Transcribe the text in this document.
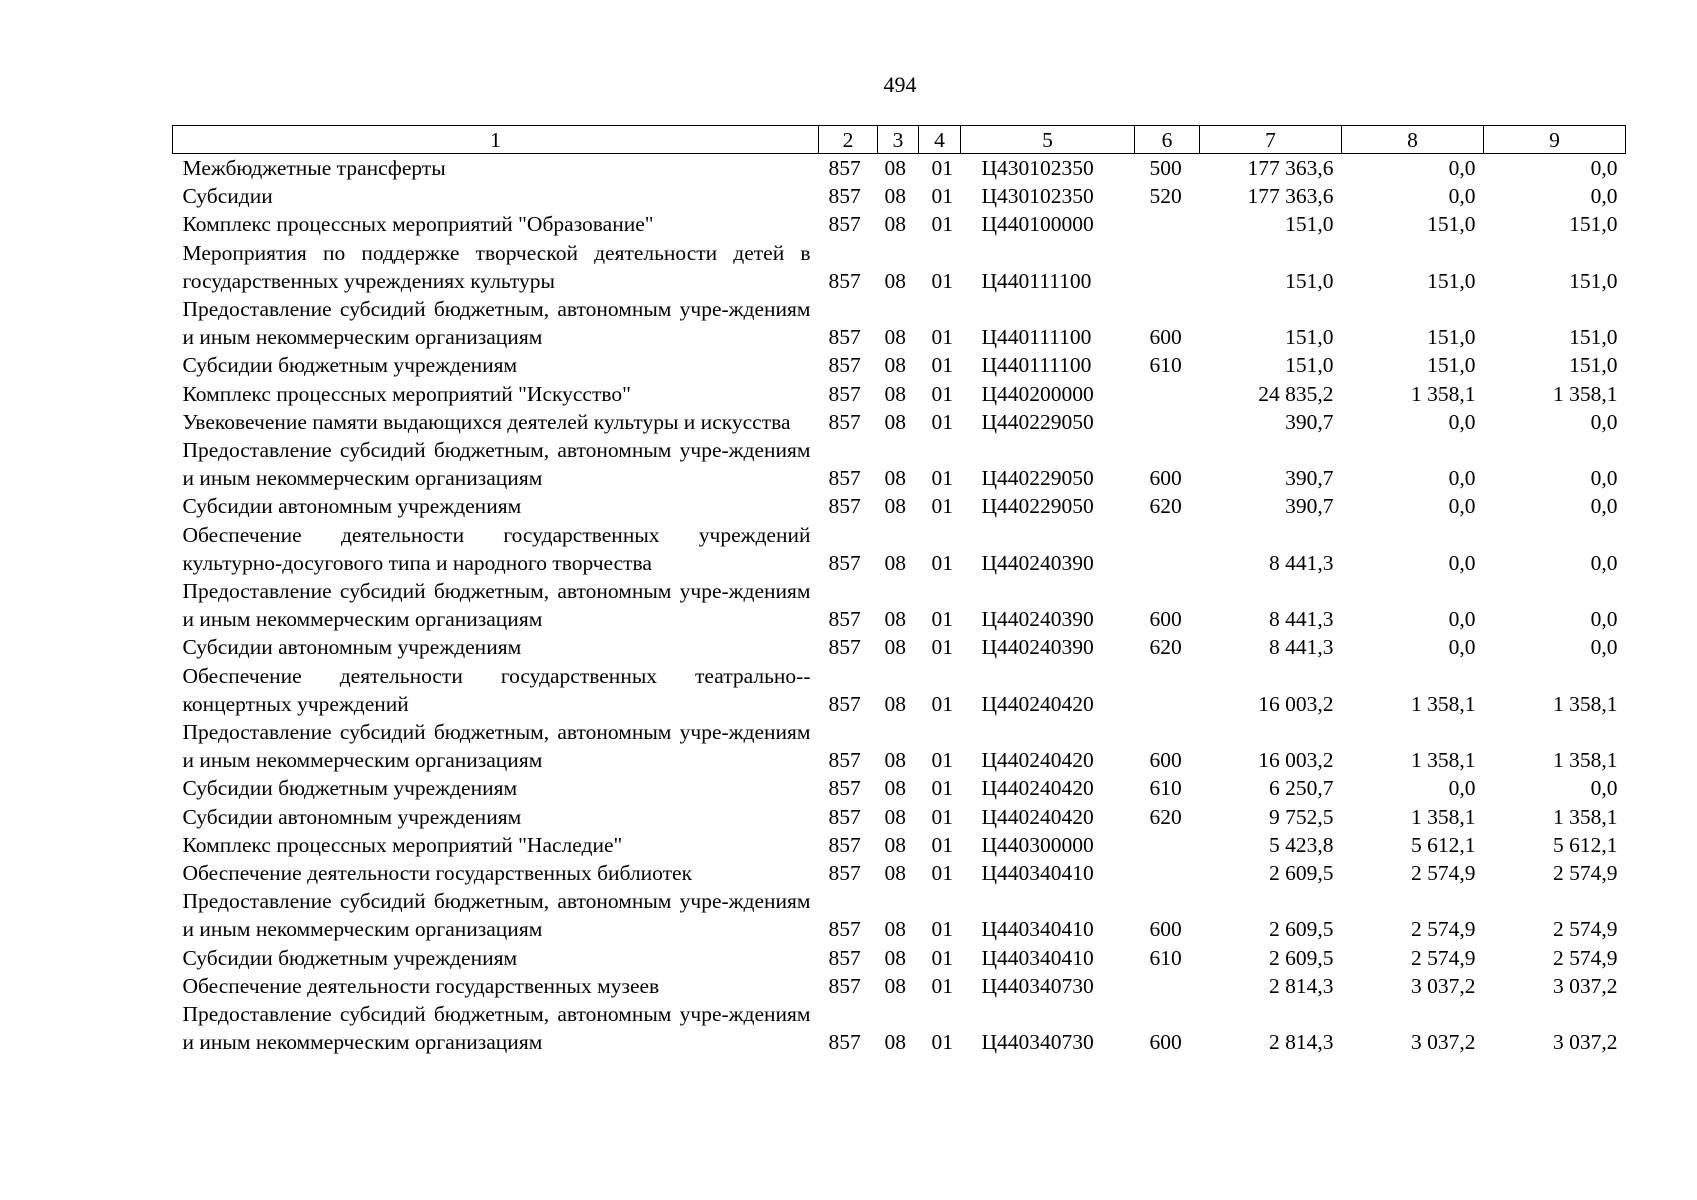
494
1	2	3	4	5	6	7	8	9
Межбюджетные трансферты	857	08	01	Ц430102350	500	177 363,6	0,0	0,0
Субсидии	857	08	01	Ц430102350	520	177 363,6	0,0	0,0
Комплекс процессных мероприятий "Образование"	857	08	01	Ц440100000		151,0	151,0	151,0
Мероприятия по поддержке творческой деятельности детей в государственных учреждениях культуры	857	08	01	Ц440111100		151,0	151,0	151,0
Предоставление субсидий бюджетным, автономным учре-ждениям и иным некоммерческим организациям	857	08	01	Ц440111100	600	151,0	151,0	151,0
Субсидии бюджетным учреждениям	857	08	01	Ц440111100	610	151,0	151,0	151,0
Комплекс процессных мероприятий "Искусство"	857	08	01	Ц440200000		24 835,2	1 358,1	1 358,1
Увековечение памяти выдающихся деятелей культуры и искусства	857	08	01	Ц440229050		390,7	0,0	0,0
Предоставление субсидий бюджетным, автономным учре-ждениям и иным некоммерческим организациям	857	08	01	Ц440229050	600	390,7	0,0	0,0
Субсидии автономным учреждениям	857	08	01	Ц440229050	620	390,7	0,0	0,0
Обеспечение деятельности государственных учреждений культурно-досугового типа и народного творчества	857	08	01	Ц440240390		8 441,3	0,0	0,0
Предоставление субсидий бюджетным, автономным учре-ждениям и иным некоммерческим организациям	857	08	01	Ц440240390	600	8 441,3	0,0	0,0
Субсидии автономным учреждениям	857	08	01	Ц440240390	620	8 441,3	0,0	0,0
Обеспечение деятельности государственных театрально-концертных учреждений	857	08	01	Ц440240420		16 003,2	1 358,1	1 358,1
Предоставление субсидий бюджетным, автономным учре-ждениям и иным некоммерческим организациям	857	08	01	Ц440240420	600	16 003,2	1 358,1	1 358,1
Субсидии бюджетным учреждениям	857	08	01	Ц440240420	610	6 250,7	0,0	0,0
Субсидии автономным учреждениям	857	08	01	Ц440240420	620	9 752,5	1 358,1	1 358,1
Комплекс процессных мероприятий "Наследие"	857	08	01	Ц440300000		5 423,8	5 612,1	5 612,1
Обеспечение деятельности государственных библиотек	857	08	01	Ц440340410		2 609,5	2 574,9	2 574,9
Предоставление субсидий бюджетным, автономным учре-ждениям и иным некоммерческим организациям	857	08	01	Ц440340410	600	2 609,5	2 574,9	2 574,9
Субсидии бюджетным учреждениям	857	08	01	Ц440340410	610	2 609,5	2 574,9	2 574,9
Обеспечение деятельности государственных музеев	857	08	01	Ц440340730		2 814,3	3 037,2	3 037,2
Предоставление субсидий бюджетным, автономным учре-ждениям и иным некоммерческим организациям	857	08	01	Ц440340730	600	2 814,3	3 037,2	3 037,2
